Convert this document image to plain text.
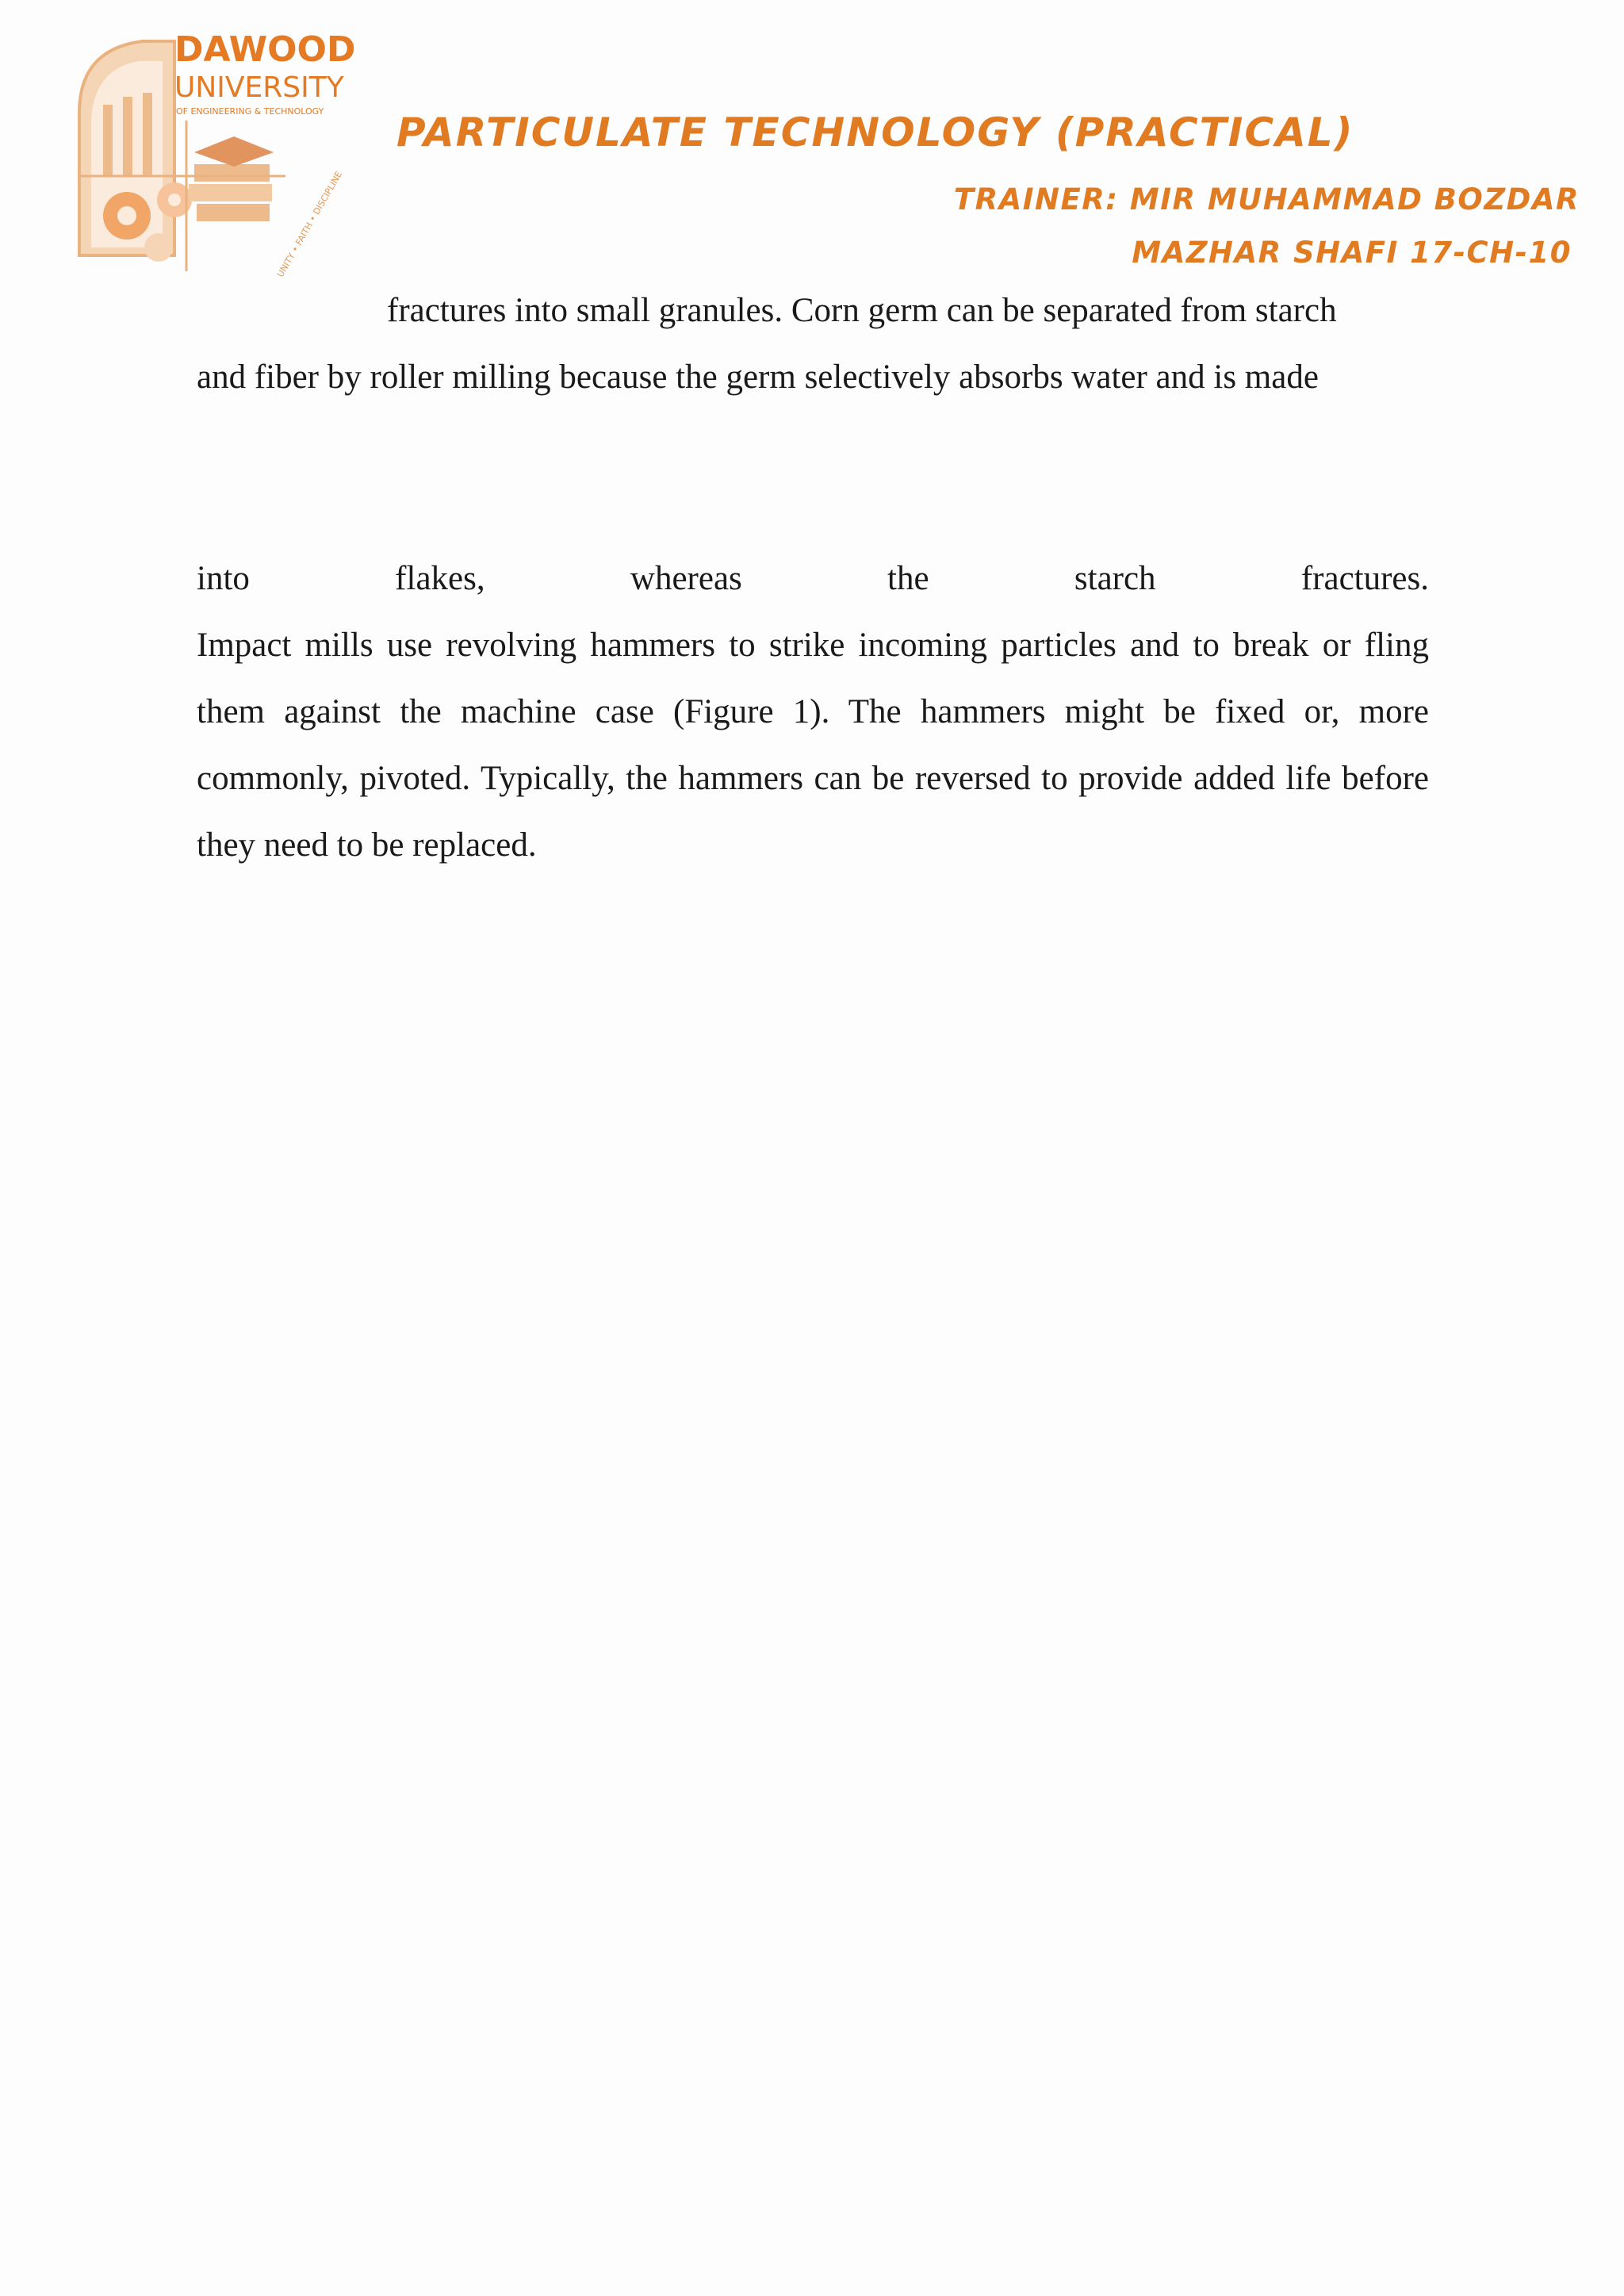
DAWOOD
UNIVERSITY
OF ENGINEERING & TECHNOLOGY
UNITY • FAITH • DISCIPLINE
PARTICULATE TECHNOLOGY (PRACTICAL)
TRAINER: MIR MUHAMMAD BOZDAR
MAZHAR SHAFI 17-CH-10

fractures into small granules. Corn germ can be separated from starch and fiber by roller milling because the germ selectively absorbs water and is made

into flakes, whereas the starch fractures.
Impact mills use revolving hammers to strike incoming particles and to break or fling them against the machine case (Figure 1). The hammers might be fixed or, more commonly, pivoted. Typically, the hammers can be reversed to provide added life before they need to be replaced.
